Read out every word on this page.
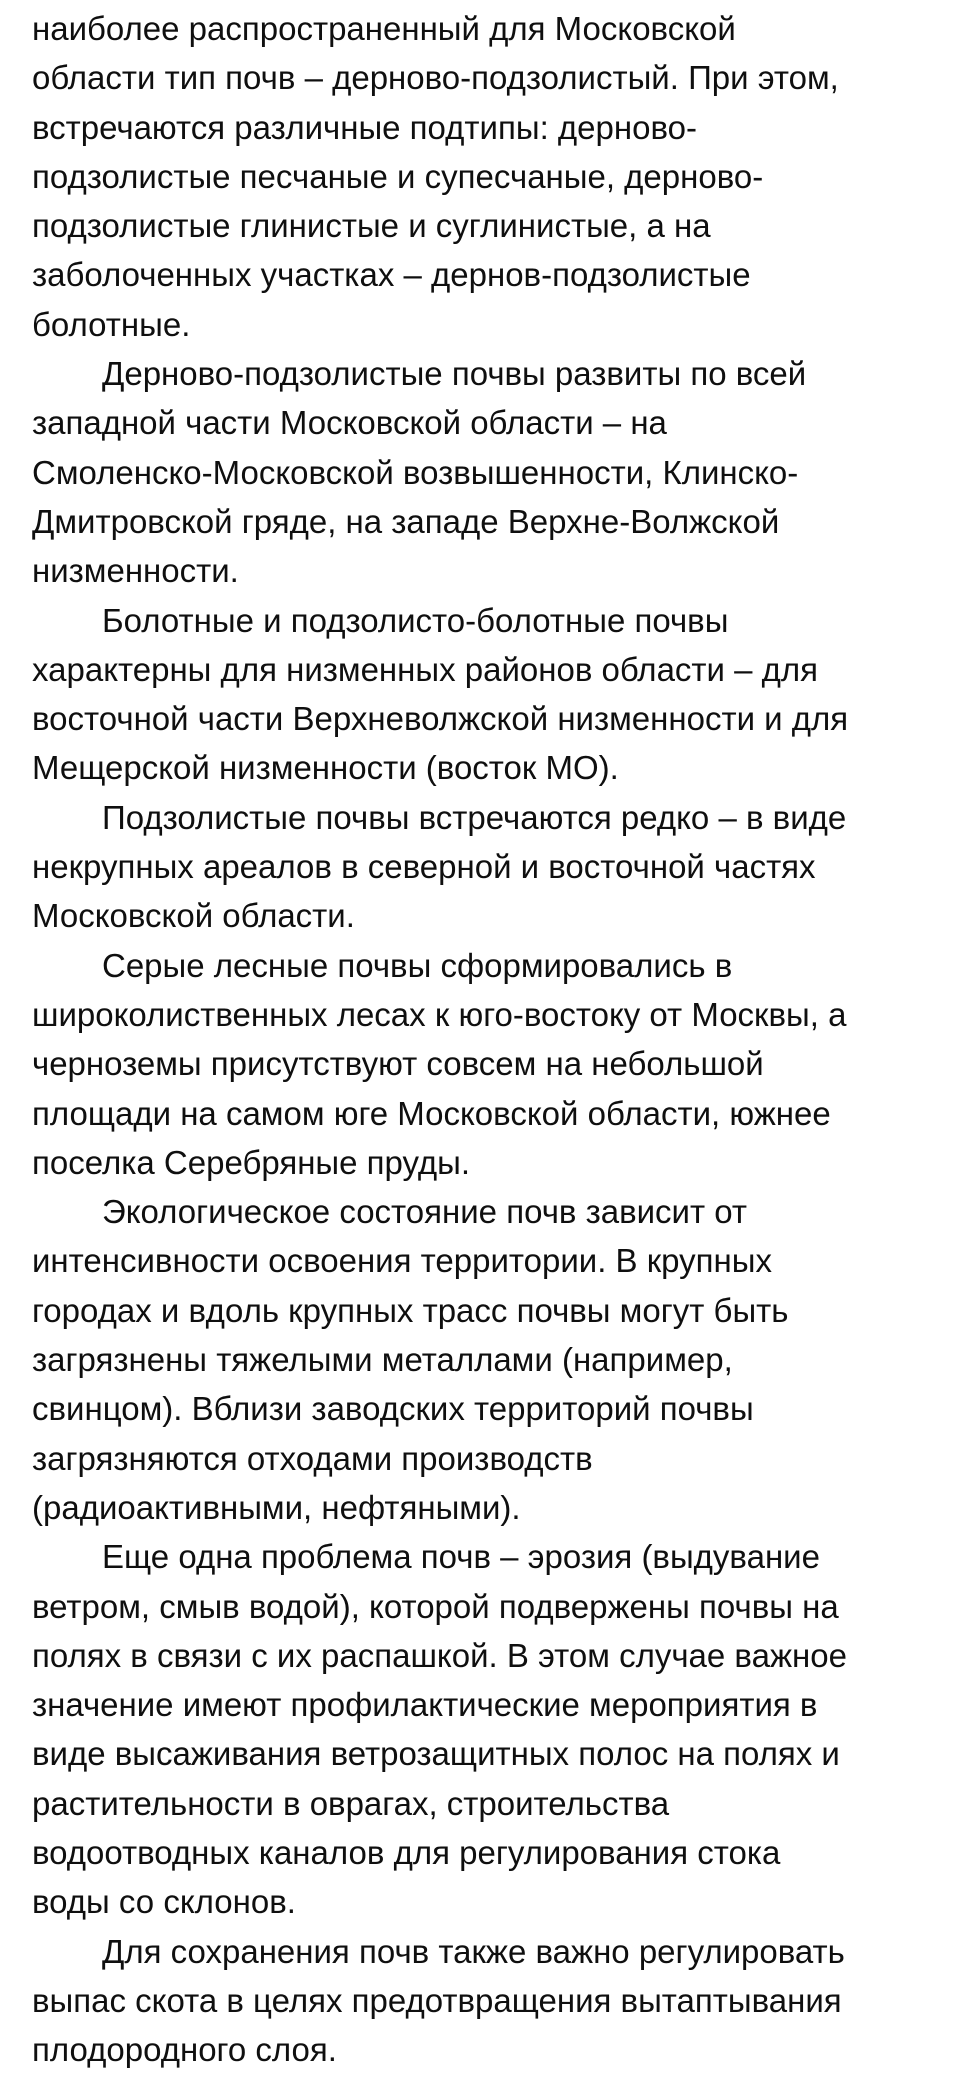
наиболее распространенный для Московской
области тип почв – дерново-подзолистый. При этом,
встречаются различные подтипы: дерново-
подзолистые песчаные и супесчаные, дерново-
подзолистые глинистые и суглинистые, а на
заболоченных участках – дернов-подзолистые
болотные.

Дерново-подзолистые почвы развиты по всей
западной части Московской области – на
Смоленско-Московской возвышенности, Клинско-
Дмитровской гряде, на западе Верхне-Волжской
низменности.

Болотные и подзолисто-болотные почвы
характерны для низменных районов области – для
восточной части Верхневолжской низменности и для
Мещерской низменности (восток МО).

Подзолистые почвы встречаются редко – в виде
некрупных ареалов в северной и восточной частях
Московской области.

Серые лесные почвы сформировались в
широколиственных лесах к юго-востоку от Москвы, а
черноземы присутствуют совсем на небольшой
площади на самом юге Московской области, южнее
поселка Серебряные пруды.

Экологическое состояние почв зависит от
интенсивности освоения территории. В крупных
городах и вдоль крупных трасс почвы могут быть
загрязнены тяжелыми металлами (например,
свинцом). Вблизи заводских территорий почвы
загрязняются отходами производств
(радиоактивными, нефтяными).

Еще одна проблема почв – эрозия (выдувание
ветром, смыв водой), которой подвержены почвы на
полях в связи с их распашкой. В этом случае важное
значение имеют профилактические мероприятия в
виде высаживания ветрозащитных полос на полях и
растительности в оврагах, строительства
водоотводных каналов для регулирования стока
воды со склонов.

Для сохранения почв также важно регулировать
выпас скота в целях предотвращения вытаптывания
плодородного слоя.
